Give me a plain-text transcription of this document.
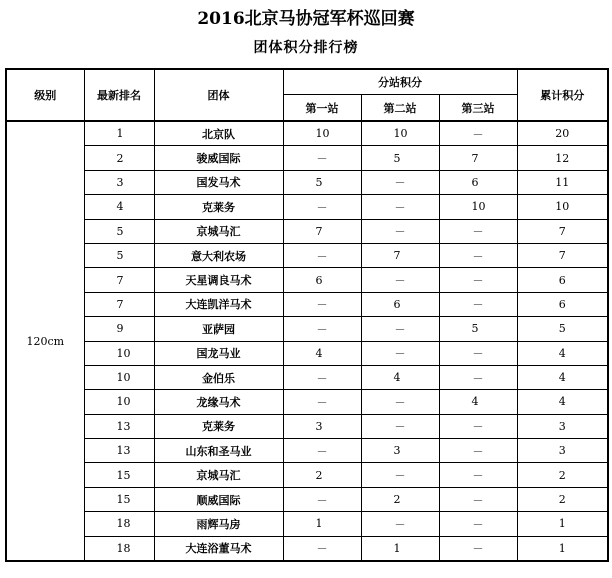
2016北京马协冠军杯巡回赛
团体积分排行榜
级别	最新排名	团体	分站积分			累计积分
			第一站	第二站	第三站	
120cm	1	北京队	10	10	－	20
	2	骏威国际	－	5	7	12
	3	国发马术	5	－	6	11
	4	克莱务	－	－	10	10
	5	京城马汇	7	－	－	7
	5	意大利农场	－	7	－	7
	7	天星调良马术	6	－	－	6
	7	大连凯洋马术	－	6	－	6
	9	亚萨园	－	－	5	5
	10	国龙马业	4	－	－	4
	10	金伯乐	－	4	－	4
	10	龙缘马术	－	－	4	4
	13	克莱务	3	－	－	3
	13	山东和圣马业	－	3	－	3
	15	京城马汇	2	－	－	2
	15	顺威国际	－	2	－	2
	18	雨辉马房	1	－	－	1
	18	大连浴董马术	－	1	－	1
